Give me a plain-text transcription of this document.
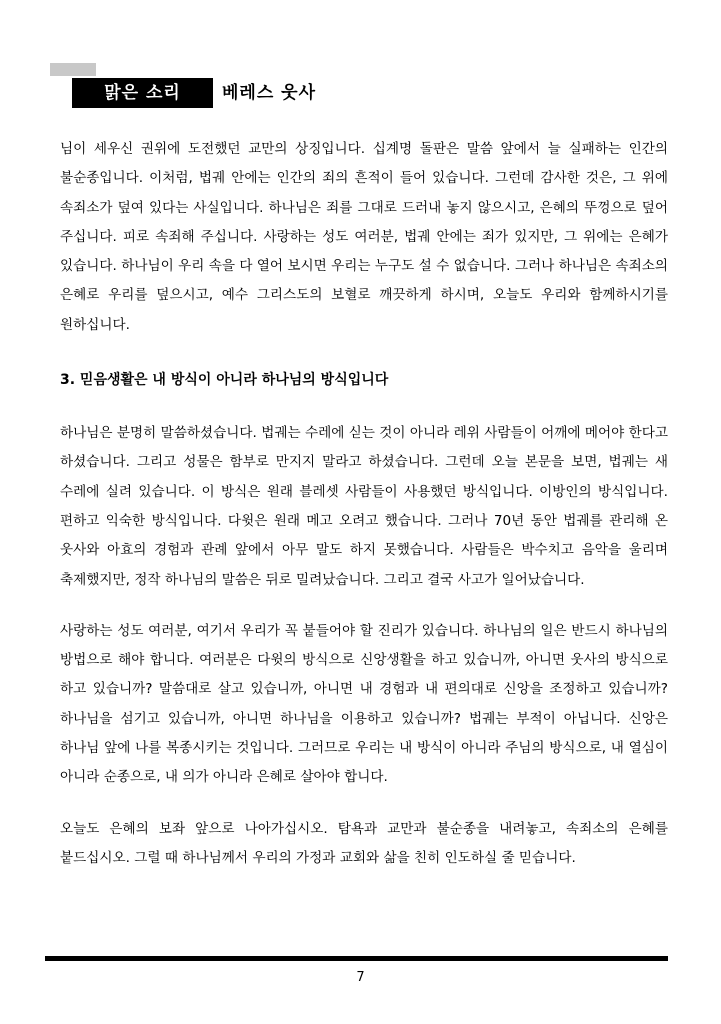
맑은 소리	베레스 웃사

님이 세우신 권위에 도전했던 교만의 상징입니다. 십계명 돌판은 말씀 앞에서 늘 실패하는 인간의 불순종입니다. 이처럼, 법궤 안에는 인간의 죄의 흔적이 들어 있습니다. 그런데 감사한 것은, 그 위에 속죄소가 덮여 있다는 사실입니다. 하나님은 죄를 그대로 드러내 놓지 않으시고, 은혜의 뚜껑으로 덮어 주십니다. 피로 속죄해 주십니다. 사랑하는 성도 여러분, 법궤 안에는 죄가 있지만, 그 위에는 은혜가 있습니다. 하나님이 우리 속을 다 열어 보시면 우리는 누구도 설 수 없습니다. 그러나 하나님은 속죄소의 은혜로 우리를 덮으시고, 예수 그리스도의 보혈로 깨끗하게 하시며, 오늘도 우리와 함께하시기를 원하십니다.

3. 믿음생활은 내 방식이 아니라 하나님의 방식입니다

하나님은 분명히 말씀하셨습니다. 법궤는 수레에 싣는 것이 아니라 레위 사람들이 어깨에 메어야 한다고 하셨습니다. 그리고 성물은 함부로 만지지 말라고 하셨습니다. 그런데 오늘 본문을 보면, 법궤는 새 수레에 실려 있습니다. 이 방식은 원래 블레셋 사람들이 사용했던 방식입니다. 이방인의 방식입니다. 편하고 익숙한 방식입니다. 다윗은 원래 메고 오려고 했습니다. 그러나 70년 동안 법궤를 관리해 온 웃사와 아효의 경험과 관례 앞에서 아무 말도 하지 못했습니다. 사람들은 박수치고 음악을 울리며 축제했지만, 정작 하나님의 말씀은 뒤로 밀려났습니다. 그리고 결국 사고가 일어났습니다.

사랑하는 성도 여러분, 여기서 우리가 꼭 붙들어야 할 진리가 있습니다. 하나님의 일은 반드시 하나님의 방법으로 해야 합니다. 여러분은 다윗의 방식으로 신앙생활을 하고 있습니까, 아니면 웃사의 방식으로 하고 있습니까? 말씀대로 살고 있습니까, 아니면 내 경험과 내 편의대로 신앙을 조정하고 있습니까? 하나님을 섬기고 있습니까, 아니면 하나님을 이용하고 있습니까? 법궤는 부적이 아닙니다. 신앙은 하나님 앞에 나를 복종시키는 것입니다. 그러므로 우리는 내 방식이 아니라 주님의 방식으로, 내 열심이 아니라 순종으로, 내 의가 아니라 은혜로 살아야 합니다.

오늘도 은혜의 보좌 앞으로 나아가십시오. 탐욕과 교만과 불순종을 내려놓고, 속죄소의 은혜를 붙드십시오. 그럴 때 하나님께서 우리의 가정과 교회와 삶을 친히 인도하실 줄 믿습니다.

7
